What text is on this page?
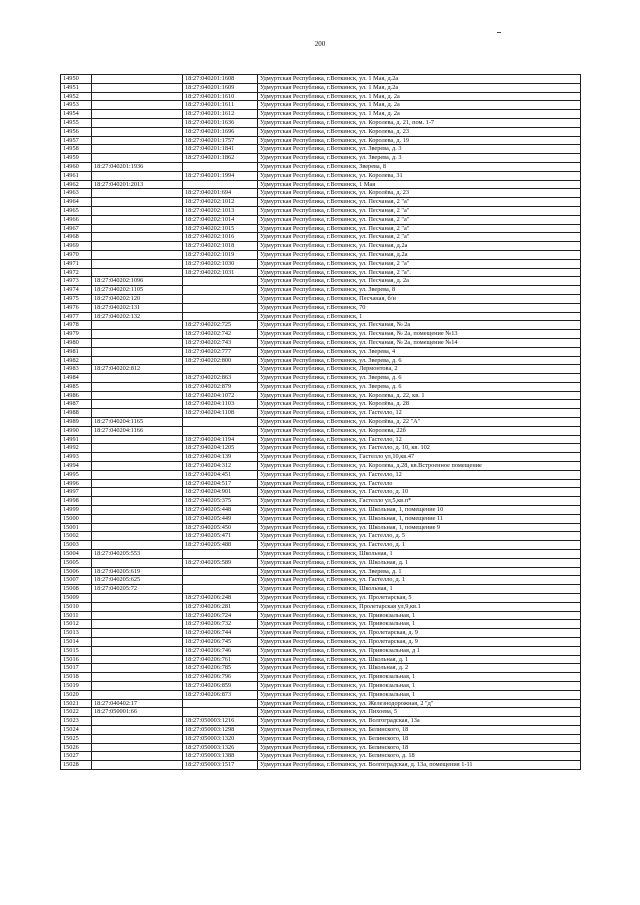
200
14950		18:27:040201:1608	Удмуртская Республика, г.Воткинск, ул. 1 Мая, д.2а
14951		18:27:040201:1609	Удмуртская Республика, г.Воткинск, ул. 1 Мая, д.2а
14952		18:27:040201:1610	Удмуртская Республика, г.Воткинск, ул. 1 Мая, д. 2а
14953		18:27:040201:1611	Удмуртская Республика, г.Воткинск, ул. 1 Мая, д. 2а
14954		18:27:040201:1612	Удмуртская Республика, г.Воткинск, ул. 1 Мая, д. 2а
14955		18:27:040201:1636	Удмуртская Республика, г.Воткинск, ул. Королева, д. 21, пом. 1-7
14956		18:27:040201:1696	Удмуртская Республика, г.Воткинск, ул. Королева, д. 23
14957		18:27:040201:1757	Удмуртская Республика, г.Воткинск, ул. Королева, д. 19
14958		18:27:040201:1841	Удмуртская Республика, г.Воткинск, ул. Зверева, д. 3
14959		18:27:040201:1862	Удмуртская Республика, г.Воткинск, ул. Зверева, д. 3
14960	18:27:040201:1936		Удмуртская Республика, г.Воткинск, Зверева, 8
14961		18:27:040201:1994	Удмуртская Республика, г.Воткинск, ул. Королева, 31
14962	18:27:040201:2013		Удмуртская Республика, г.Воткинск, 1 Мая
14963		18:27:040201:694	Удмуртская Республика, г.Воткинск, ул. Королёва, д. 23
14964		18:27:040202:1012	Удмуртская Республика, г.Воткинск, ул. Песчаная, 2 "а"
14965		18:27:040202:1013	Удмуртская Республика, г.Воткинск, ул. Песчаная, 2 "а"
14966		18:27:040202:1014	Удмуртская Республика, г.Воткинск, ул. Песчаная, 2 "а"
14967		18:27:040202:1015	Удмуртская Республика, г.Воткинск, ул. Песчаная, 2 "а"
14968		18:27:040202:1016	Удмуртская Республика, г.Воткинск, ул. Песчаная, 2 "а"
14969		18:27:040202:1018	Удмуртская Республика, г.Воткинск, ул. Песчаная, д.2а
14970		18:27:040202:1019	Удмуртская Республика, г.Воткинск, ул. Песчаная, д.2а
14971		18:27:040202:1030	Удмуртская Республика, г.Воткинск, ул. Песчаная, 2 "а"
14972		18:27:040202:1031	Удмуртская Республика, г.Воткинск, ул. Песчаная, 2 "а".
14973	18:27:040202:1096		Удмуртская Республика, г.Воткинск, ул. Песчаная, д. 2а
14974	18:27:040202:1105		Удмуртская Республика, г.Воткинск, ул. Зверева, 8
14975	18:27:040202:120		Удмуртская Республика, г.Воткинск, Песчаная, б/н
14976	18:27:040202:131		Удмуртская Республика, г.Воткинск, 70
14977	18:27:040202:132		Удмуртская Республика, г.Воткинск, 1
14978		18:27:040202:725	Удмуртская Республика, г.Воткинск, ул. Песчаная, № 2а
14979		18:27:040202:742	Удмуртская Республика, г.Воткинск, ул. Песчаная, № 2а, помещение №13
14980		18:27:040202:743	Удмуртская Республика, г.Воткинск, ул. Песчаная, № 2а, помещение №14
14981		18:27:040202:777	Удмуртская Республика, г.Воткинск, ул. Зверева, 4
14982		18:27:040202:800	Удмуртская Республика, г.Воткинск, ул. Зверева, д. 6
14983	18:27:040202:812		Удмуртская Республика, г.Воткинск, Лермонтова, 2
14984		18:27:040202:863	Удмуртская Республика, г.Воткинск, ул. Зверева, д. 6
14985		18:27:040202:879	Удмуртская Республика, г.Воткинск, ул. Зверева, д. 6
14986		18:27:040204:1072	Удмуртская Республика, г.Воткинск, ул. Королева, д. 22, кв. 1
14987		18:27:040204:1103	Удмуртская Республика, г.Воткинск, ул. Королёва, д. 28
14988		18:27:040204:1108	Удмуртская Республика, г.Воткинск, ул. Гастелло, 12
14989	18:27:040204:1165		Удмуртская Республика, г.Воткинск, ул. Королёва, д. 22 "А"
14990	18:27:040204:1166		Удмуртская Республика, г.Воткинск, ул. Королева, 22б
14991		18:27:040204:1194	Удмуртская Республика, г.Воткинск, ул. Гастелло, 12
14992		18:27:040204:1205	Удмуртская Республика, г.Воткинск, ул. Гастелло, д. 10, кв. 102
14993		18:27:040204:139	Удмуртская Республика, г.Воткинск, Гастелло ул,10,кв.47
14994		18:27:040204:312	Удмуртская Республика, г.Воткинск, ул. Королева, д.28, кв.Встроенное помещение
14995		18:27:040204:451	Удмуртская Республика, г.Воткинск, ул. Гастелло, 12
14996		18:27:040204:517	Удмуртская Республика, г.Воткинск, ул. Гастелло
14997		18:27:040204:901	Удмуртская Республика, г.Воткинск, ул. Гастелло, д. 10
14998		18:27:040205:375	Удмуртская Республика, г.Воткинск, Гастелло ул,5,кв.п*
14999		18:27:040205:448	Удмуртская Республика, г.Воткинск, ул. Школьная, 1, помещение 10
15000		18:27:040205:449	Удмуртская Республика, г.Воткинск, ул. Школьная, 1, помещение 11
15001		18:27:040205:450	Удмуртская Республика, г.Воткинск, ул. Школьная, 1, помещение 9
15002		18:27:040205:471	Удмуртская Республика, г.Воткинск, ул. Гастелло, д. 5
15003		18:27:040205:488	Удмуртская Республика, г.Воткинск, ул. Гастелло, д. 1
15004	18:27:040205:553		Удмуртская Республика, г.Воткинск, Школьная, 1
15005		18:27:040205:589	Удмуртская Республика, г.Воткинск, ул. Школьная, д. 1
15006	18:27:040205:619		Удмуртская Республика, г.Воткинск, ул. Зверева, д. 1
15007	18:27:040205:625		Удмуртская Республика, г.Воткинск, ул. Гастелло, д. 1
15008	18:27:040205:72		Удмуртская Республика, г.Воткинск, Школьная, 1
15009		18:27:040206:248	Удмуртская Республика, г.Воткинск, ул. Пролетарская, 5
15010		18:27:040206:281	Удмуртская Республика, г.Воткинск, Пролетарская ул,9,кв.1
15011		18:27:040206:724	Удмуртская Республика, г.Воткинск, ул. Привокзальная, 1
15012		18:27:040206:732	Удмуртская Республика, г.Воткинск, ул. Привокзальная, 1
15013		18:27:040206:744	Удмуртская Республика, г.Воткинск, ул. Пролетарская, д. 9
15014		18:27:040206:745	Удмуртская Республика, г.Воткинск, ул. Пролетарская, д. 9
15015		18:27:040206:746	Удмуртская Республика, г.Воткинск, ул. Привокзальная, д 1
15016		18:27:040206:761	Удмуртская Республика, г.Воткинск, ул. Школьная, д. 1
15017		18:27:040206:785	Удмуртская Республика, г.Воткинск, ул. Школьная, д. 2
15018		18:27:040206:796	Удмуртская Республика, г.Воткинск, ул. Привокзальная, 1
15019		18:27:040206:859	Удмуртская Республика, г.Воткинск, ул. Привокзальная, 1
15020		18:27:040206:873	Удмуртская Республика, г.Воткинск, ул. Привокзальная, 1
15021	18:27:040402:17		Удмуртская Республика, г.Воткинск, ул. Железнодорожная, 2 "д"
15022	18:27:050001:66		Удмуртская Республика, г.Воткинск, ул. Пихоева, 5
15023		18:27:050003:1216	Удмуртская Республика, г.Воткинск, ул. Волгоградская, 13а
15024		18:27:050003:1298	Удмуртская Республика, г.Воткинск, ул. Белинского, 18
15025		18:27:050003:1320	Удмуртская Республика, г.Воткинск, ул. Белинского, 18
15026		18:27:050003:1326	Удмуртская Республика, г.Воткинск, ул. Белинского, 18
15027		18:27:050003:1388	Удмуртская Республика, г.Воткинск, ул. Белинского, д. 18
15028		18:27:050003:1517	Удмуртская Республика, г.Воткинск, ул. Волгоградская, д. 13а, помещения 1-11
